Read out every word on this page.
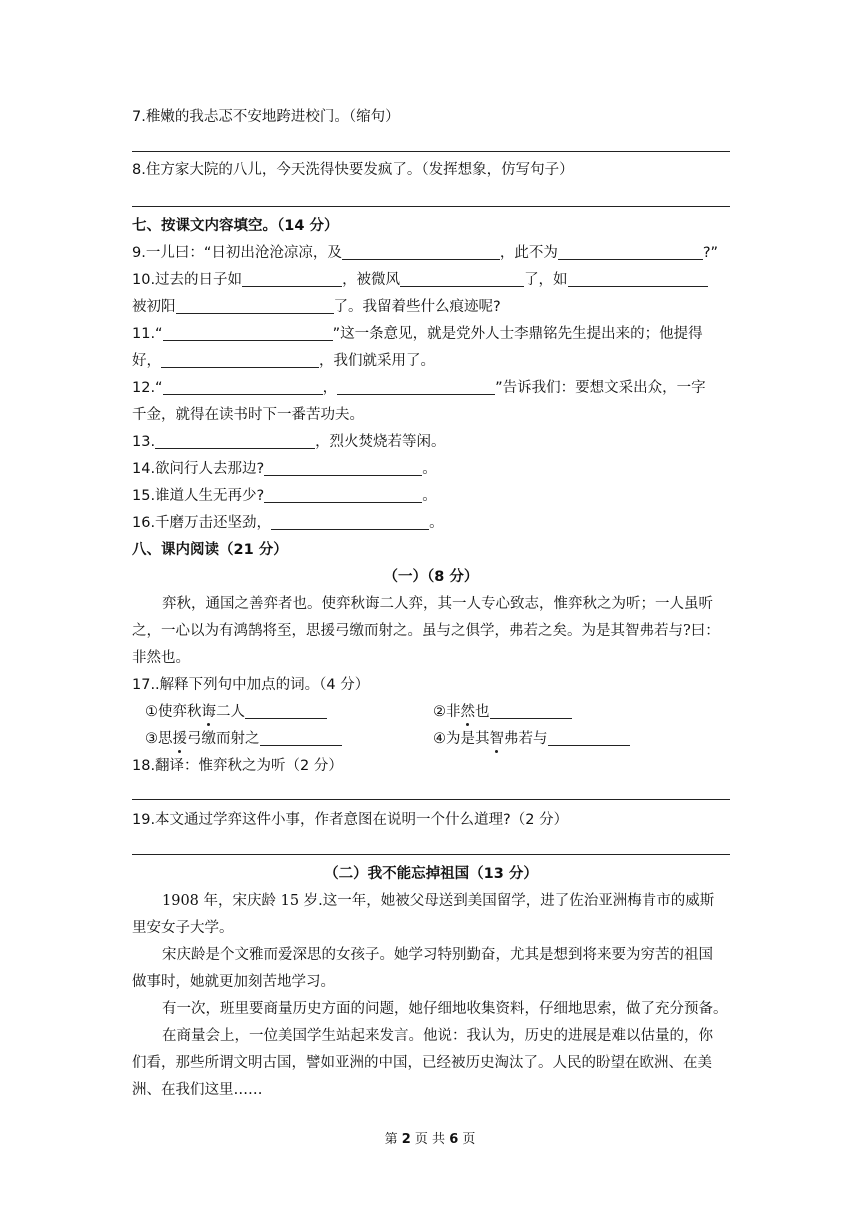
7.稚嫩的我忐忑不安地跨进校门。（缩句）
8.住方家大院的八儿，今天洗得快要发疯了。（发挥想象，仿写句子）
七、按课文内容填空。（14 分）
9.一儿曰：“日初出沧沧凉凉，及	，此不为	?”
10.过去的日子如	，被微风	了，如
被初阳	了。我留着些什么痕迹呢?
11.“	”这一条意见，就是党外人士李鼎铭先生提出来的；他提得
好，	，我们就采用了。
12.“	，	”告诉我们：要想文采出众，一字
千金，就得在读书时下一番苦功夫。
13.	，烈火焚烧若等闲。
14.欲问行人去那边?	。
15.谁道人生无再少?	。
16.千磨万击还坚劲，	。
八、课内阅读（21 分）
（一）（8 分）
弈秋，通国之善弈者也。使弈秋诲二人弈，其一人专心致志，惟弈秋之为听；一人虽听
之，一心以为有鸿鹄将至，思援弓缴而射之。虽与之俱学，弗若之矣。为是其智弗若与?曰：
非然也。
17..解释下列句中加点的词。（4 分）
①使弈秋诲二人	②非然也
③思援弓缴而射之	④为是其智弗若与
18.翻译：惟弈秋之为听（2 分）
19.本文通过学弈这件小事，作者意图在说明一个什么道理?（2 分）
（二）我不能忘掉祖国（13 分）
1908 年，宋庆龄 15 岁.这一年，她被父母送到美国留学，进了佐治亚洲梅肯市的威斯
里安女子大学。
宋庆龄是个文雅而爱深思的女孩子。她学习特别勤奋，尤其是想到将来要为穷苦的祖国
做事时，她就更加刻苦地学习。
有一次，班里要商量历史方面的问题，她仔细地收集资料，仔细地思索，做了充分预备。
在商量会上，一位美国学生站起来发言。他说：我认为，历史的进展是难以估量的，你
们看，那些所谓文明古国，譬如亚洲的中国，已经被历史淘汰了。人民的盼望在欧洲、在美
洲、在我们这里……
第 2 页 共 6 页
